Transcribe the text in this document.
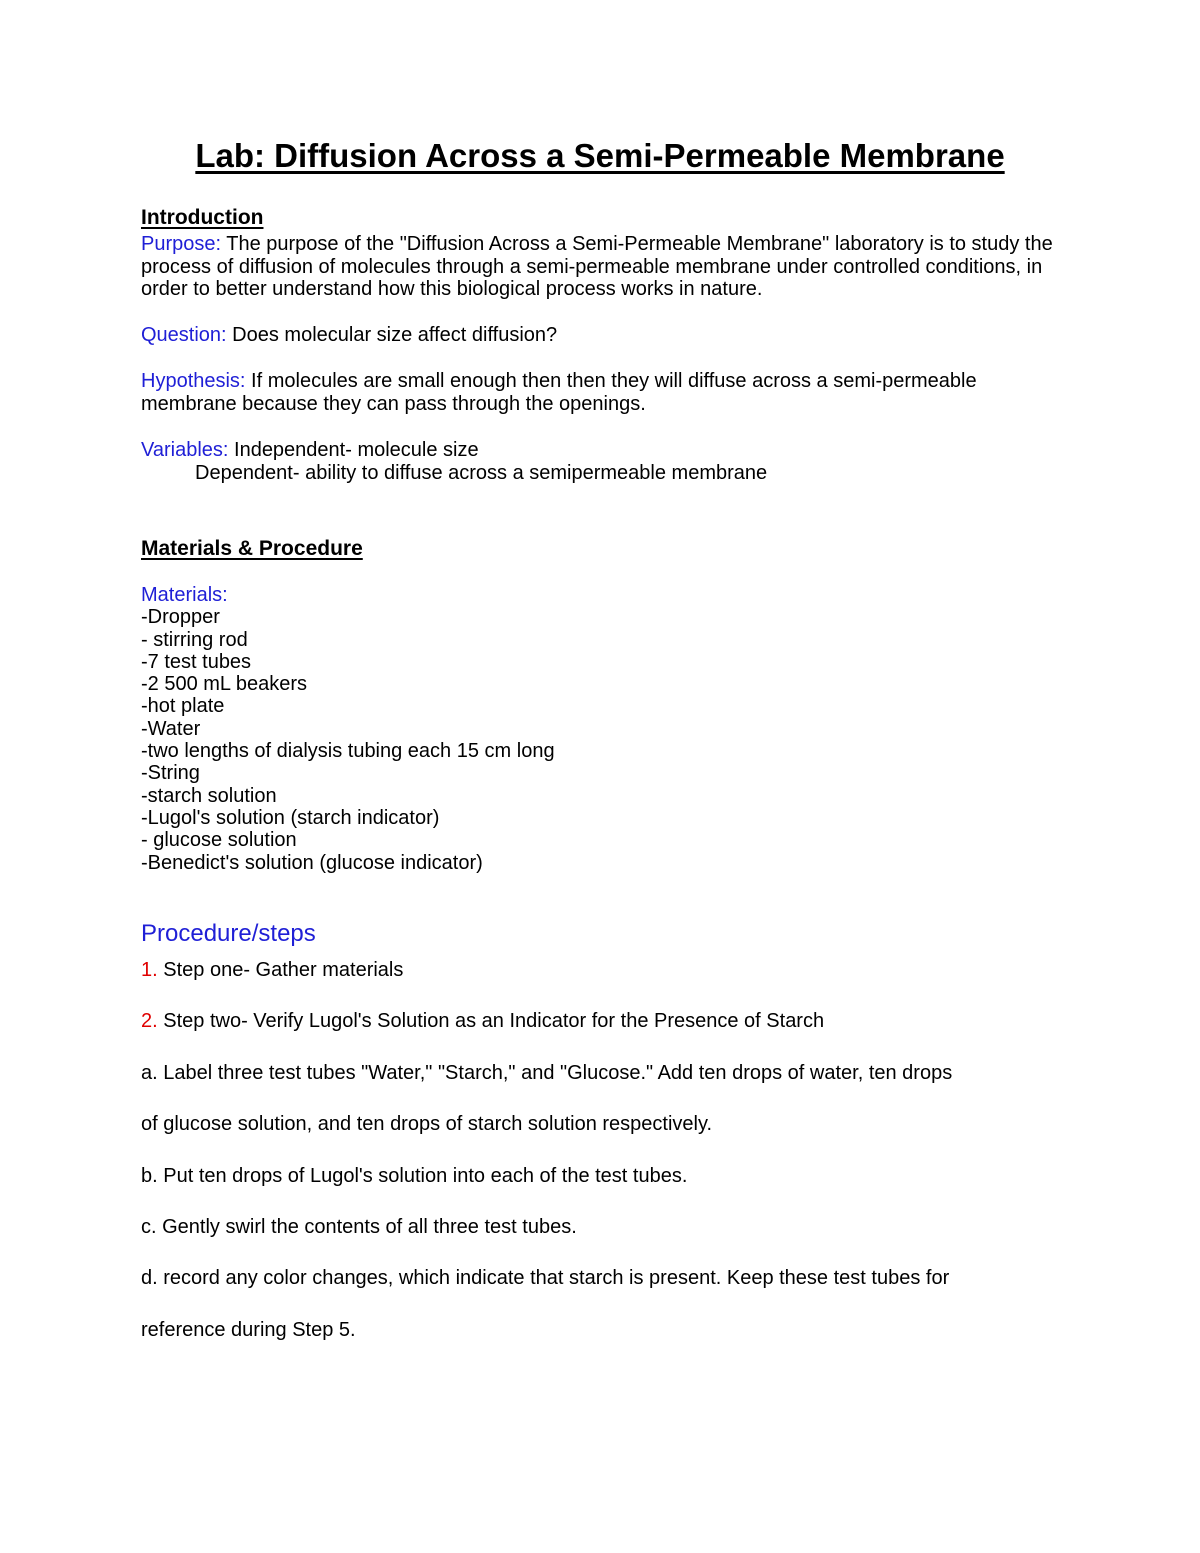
Lab: Diffusion Across a Semi-Permeable Membrane
Introduction

Purpose: The purpose of the "Diffusion Across a Semi-Permeable Membrane" laboratory is to study the process of diffusion of molecules through a semi-permeable membrane under controlled conditions, in order to better understand how this biological process works in nature.

Question: Does molecular size affect diffusion?

Hypothesis: If molecules are small enough then then they will diffuse across a semi-permeable membrane because they can pass through the openings.

Variables: Independent- molecule size

Dependent- ability to diffuse across a semipermeable membrane

Materials & Procedure
Materials:
-Dropper
- stirring rod
-7 test tubes
-2 500 mL beakers
-hot plate
-Water
-two lengths of dialysis tubing each 15 cm long
-String
-starch solution
-Lugol's solution (starch indicator)
- glucose solution
-Benedict's solution (glucose indicator)

Procedure/steps

1. Step one- Gather materials

2. Step two- Verify Lugol's Solution as an Indicator for the Presence of Starch

a. Label three test tubes "Water," "Starch," and "Glucose." Add ten drops of water, ten drops

of glucose solution, and ten drops of starch solution respectively.

b. Put ten drops of Lugol's solution into each of the test tubes.

c. Gently swirl the contents of all three test tubes.

d. record any color changes, which indicate that starch is present. Keep these test tubes for

reference during Step 5.
